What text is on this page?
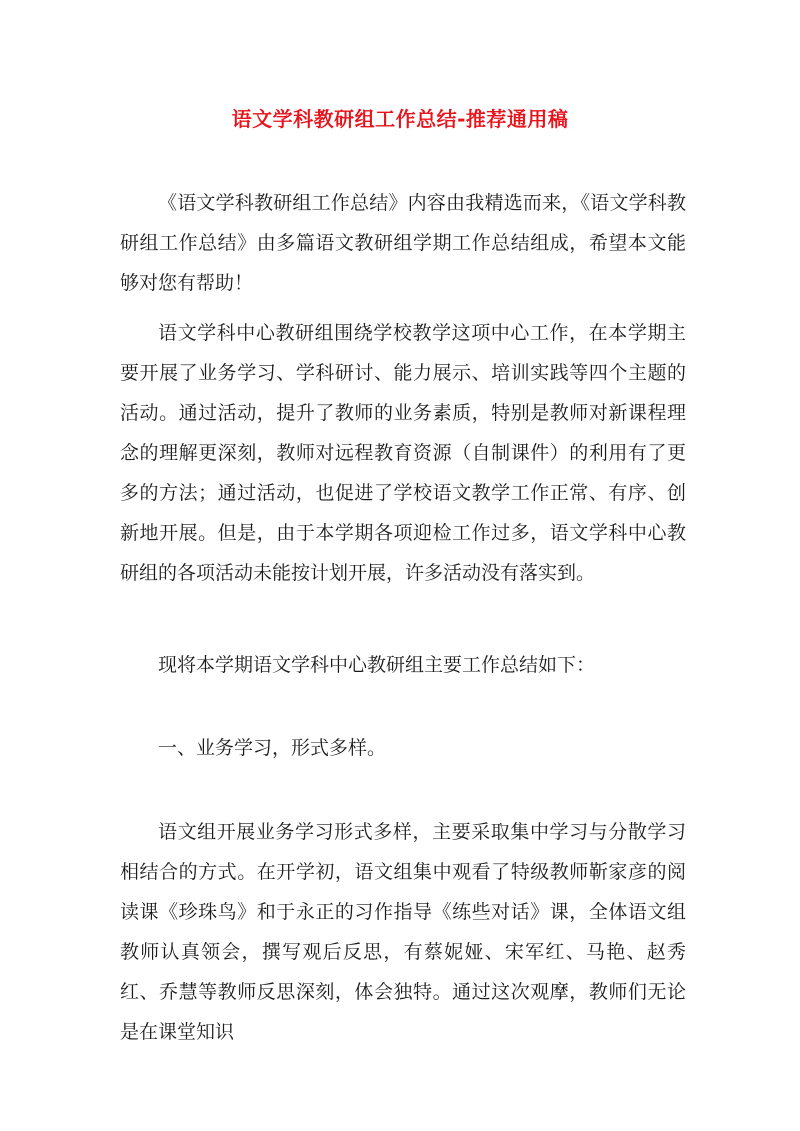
语文学科教研组工作总结-推荐通用稿

《语文学科教研组工作总结》内容由我精选而来，《语文学科教研组工作总结》由多篇语文教研组学期工作总结组成，希望本文能够对您有帮助！

语文学科中心教研组围绕学校教学这项中心工作，在本学期主要开展了业务学习、学科研讨、能力展示、培训实践等四个主题的活动。通过活动，提升了教师的业务素质，特别是教师对新课程理念的理解更深刻，教师对远程教育资源（自制课件）的利用有了更多的方法；通过活动，也促进了学校语文教学工作正常、有序、创新地开展。但是，由于本学期各项迎检工作过多，语文学科中心教研组的各项活动未能按计划开展，许多活动没有落实到。

现将本学期语文学科中心教研组主要工作总结如下：

一、业务学习，形式多样。

语文组开展业务学习形式多样，主要采取集中学习与分散学习相结合的方式。在开学初，语文组集中观看了特级教师靳家彦的阅读课《珍珠鸟》和于永正的习作指导《练些对话》课，全体语文组教师认真领会，撰写观后反思，有蔡妮娅、宋军红、马艳、赵秀红、乔慧等教师反思深刻，体会独特。通过这次观摩，教师们无论是在课堂知识
